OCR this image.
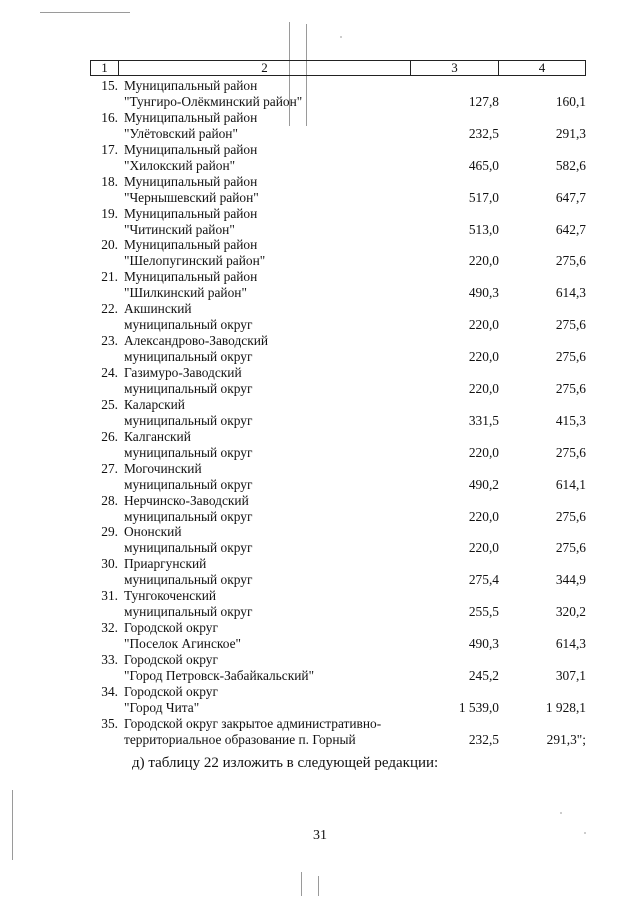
1	2	3	4
15. Муниципальный район
"Тунгиро-Олёкминский район"	127,8	160,1
16. Муниципальный район
"Улётовский район"	232,5	291,3
17. Муниципальный район
"Хилокский район"	465,0	582,6
18. Муниципальный район
"Чернышевский район"	517,0	647,7
19. Муниципальный район
"Читинский район"	513,0	642,7
20. Муниципальный район
"Шелопугинский район"	220,0	275,6
21. Муниципальный район
"Шилкинский район"	490,3	614,3
22. Акшинский
муниципальный округ	220,0	275,6
23. Александрово-Заводский
муниципальный округ	220,0	275,6
24. Газимуро-Заводский
муниципальный округ	220,0	275,6
25. Каларский
муниципальный округ	331,5	415,3
26. Калганский
муниципальный округ	220,0	275,6
27. Могочинский
муниципальный округ	490,2	614,1
28. Нерчинско-Заводский
муниципальный округ	220,0	275,6
29. Ононский
муниципальный округ	220,0	275,6
30. Приаргунский
муниципальный округ	275,4	344,9
31. Тунгокоченский
муниципальный округ	255,5	320,2
32. Городской округ
"Поселок Агинское"	490,3	614,3
33. Городской округ
"Город Петровск-Забайкальский"	245,2	307,1
34. Городской округ
"Город Чита"	1 539,0	1 928,1
35. Городской округ закрытое административно-
территориальное образование п. Горный	232,5	291,3";
д) таблицу 22 изложить в следующей редакции:
31
